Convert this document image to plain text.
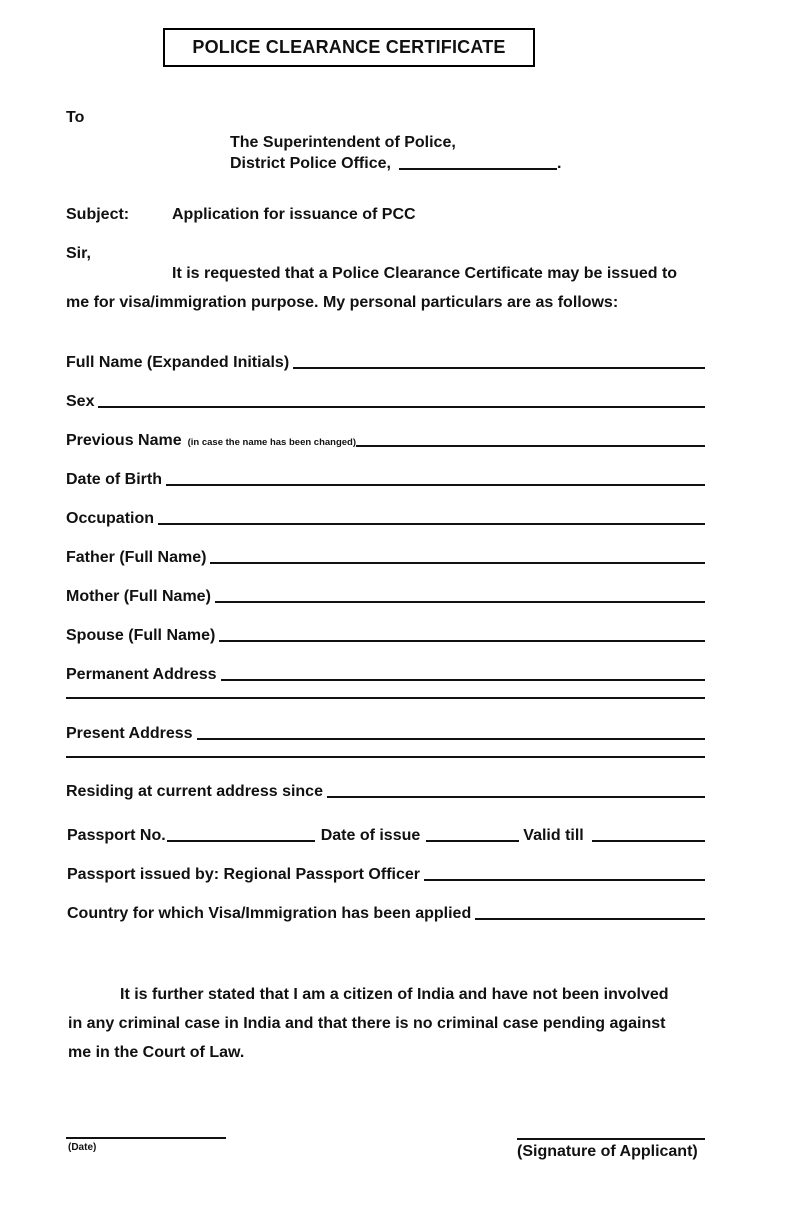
POLICE CLEARANCE CERTIFICATE
To
The Superintendent of Police,
District Police Office,	.
Subject:	Application for issuance of PCC
Sir,
It is requested that a Police Clearance Certificate may be issued to
me for visa/immigration purpose. My personal particulars are as follows:
Full Name (Expanded Initials)
Sex
Previous Name (in case the name has been changed)
Date of Birth
Occupation
Father (Full Name)
Mother (Full Name)
Spouse (Full Name)
Permanent Address
Present Address
Residing at current address since
Passport No.	Date of issue	Valid till
Passport issued by: Regional Passport Officer
Country for which Visa/Immigration has been applied
It is further stated that I am a citizen of India and have not been involved
in any criminal case in India and that there is no criminal case pending against
me in the Court of Law.
(Date)	(Signature of Applicant)
